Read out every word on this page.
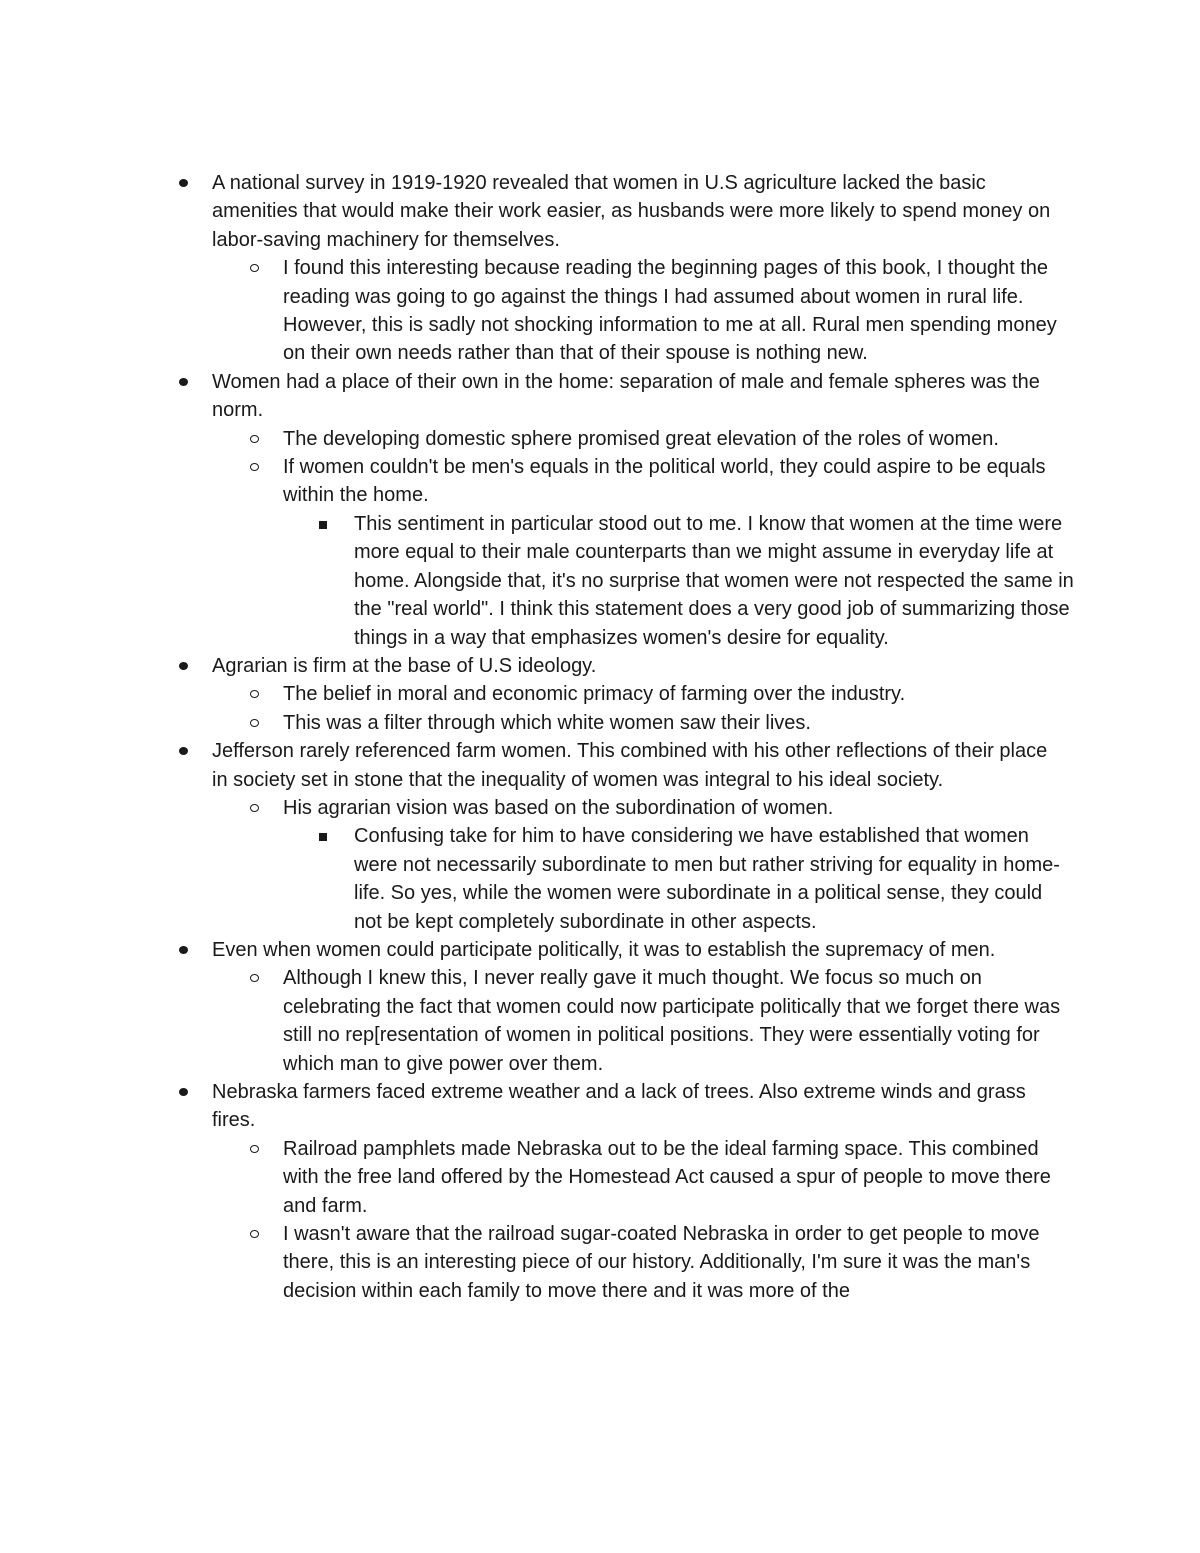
A national survey in 1919-1920 revealed that women in U.S agriculture lacked the basic amenities that would make their work easier, as husbands were more likely to spend money on labor-saving machinery for themselves.
I found this interesting because reading the beginning pages of this book, I thought the reading was going to go against the things I had assumed about women in rural life. However, this is sadly not shocking information to me at all. Rural men spending money on their own needs rather than that of their spouse is nothing new.
Women had a place of their own in the home: separation of male and female spheres was the norm.
The developing domestic sphere promised great elevation of the roles of women.
If women couldn't be men's equals in the political world, they could aspire to be equals within the home.
This sentiment in particular stood out to me. I know that women at the time were more equal to their male counterparts than we might assume in everyday life at home. Alongside that, it's no surprise that women were not respected the same in the "real world". I think this statement does a very good job of summarizing those things in a way that emphasizes women's desire for equality.
Agrarian is firm at the base of U.S ideology.
The belief in moral and economic primacy of farming over the industry.
This was a filter through which white women saw their lives.
Jefferson rarely referenced farm women. This combined with his other reflections of their place in society set in stone that the inequality of women was integral to his ideal society.
His agrarian vision was based on the subordination of women.
Confusing take for him to have considering we have established that women were not necessarily subordinate to men but rather striving for equality in home-life. So yes, while the women were subordinate in a political sense, they could not be kept completely subordinate in other aspects.
Even when women could participate politically, it was to establish the supremacy of men.
Although I knew this, I never really gave it much thought. We focus so much on celebrating the fact that women could now participate politically that we forget there was still no rep[resentation of women in political positions. They were essentially voting for which man to give power over them.
Nebraska farmers faced extreme weather and a lack of trees. Also extreme winds and grass fires.
Railroad pamphlets made Nebraska out to be the ideal farming space. This combined with the free land offered by the Homestead Act caused a spur of people to move there and farm.
I wasn't aware that the railroad sugar-coated Nebraska in order to get people to move there, this is an interesting piece of our history. Additionally, I'm sure it was the man's decision within each family to move there and it was more of the
